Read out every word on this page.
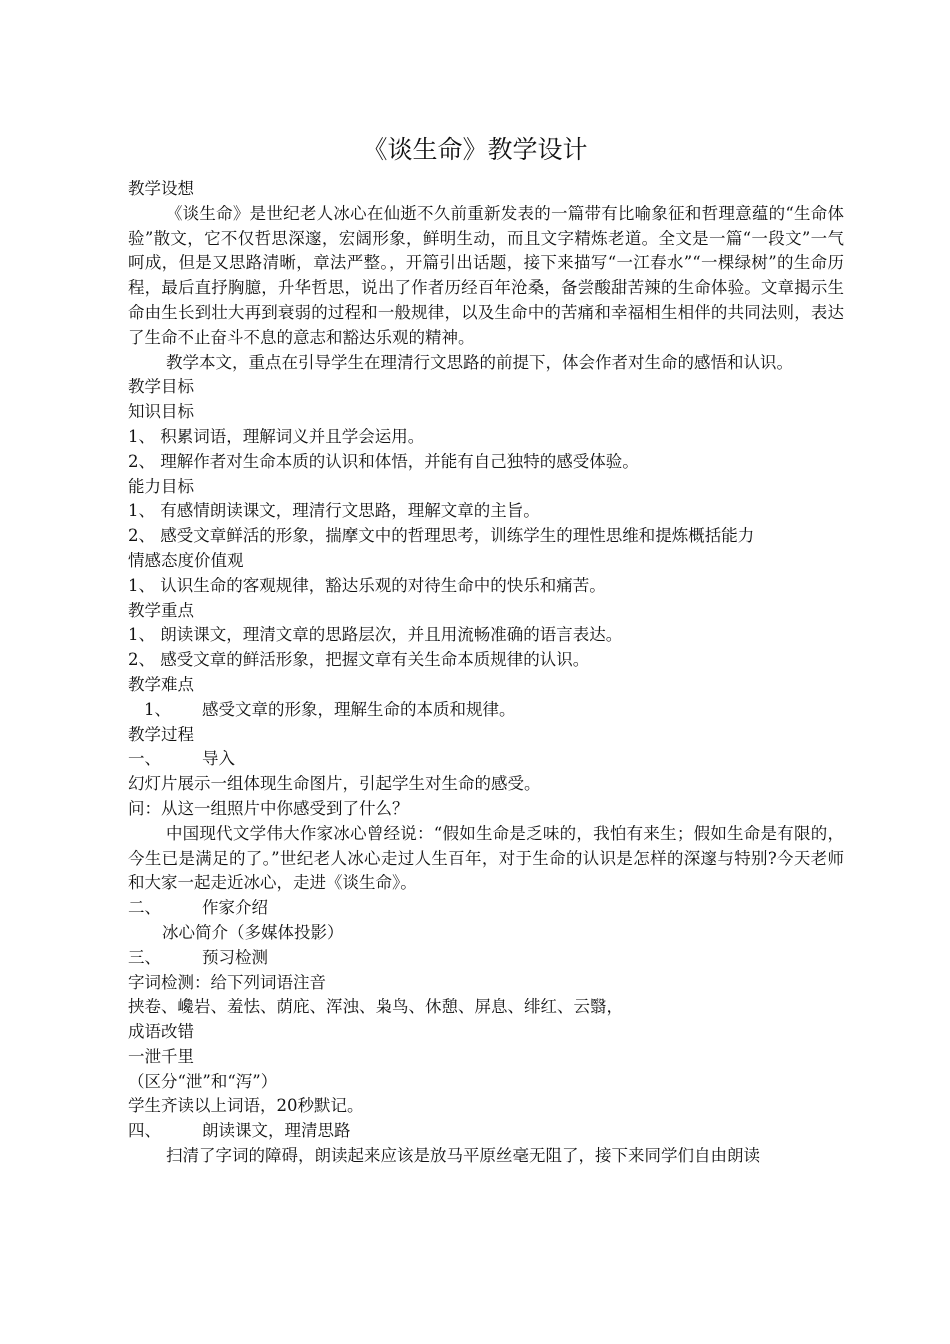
《谈生命》教学设计
教学设想
《谈生命》是世纪老人冰心在仙逝不久前重新发表的一篇带有比喻象征和哲理意蕴的“生命体验”散文，它不仅哲思深邃，宏阔形象，鲜明生动，而且文字精炼老道。全文是一篇“一段文”一气呵成，但是又思路清晰，章法严整。，开篇引出话题，接下来描写“一江春水”“一棵绿树”的生命历程，最后直抒胸臆，升华哲思，说出了作者历经百年沧桑，备尝酸甜苦辣的生命体验。文章揭示生命由生长到壮大再到衰弱的过程和一般规律，以及生命中的苦痛和幸福相生相伴的共同法则，表达了生命不止奋斗不息的意志和豁达乐观的精神。
教学本文，重点在引导学生在理清行文思路的前提下，体会作者对生命的感悟和认识。
教学目标
知识目标
1、 积累词语，理解词义并且学会运用。
2、 理解作者对生命本质的认识和体悟，并能有自己独特的感受体验。
能力目标
1、 有感情朗读课文，理清行文思路，理解文章的主旨。
2、 感受文章鲜活的形象，揣摩文中的哲理思考，训练学生的理性思维和提炼概括能力
情感态度价值观
1、 认识生命的客观规律，豁达乐观的对待生命中的快乐和痛苦。
教学重点
1、 朗读课文，理清文章的思路层次，并且用流畅准确的语言表达。
2、 感受文章的鲜活形象，把握文章有关生命本质规律的认识。
教学难点
1、 感受文章的形象，理解生命的本质和规律。
教学过程
一、 导入
幻灯片展示一组体现生命图片，引起学生对生命的感受。
问：从这一组照片中你感受到了什么？
中国现代文学伟大作家冰心曾经说：“假如生命是乏味的，我怕有来生；假如生命是有限的，今生已是满足的了。”世纪老人冰心走过人生百年，对于生命的认识是怎样的深邃与特别?今天老师和大家一起走近冰心，走进《谈生命》。
二、 作家介绍
冰心简介（多媒体投影）
三、 预习检测
字词检测：给下列词语注音
挟卷、巉岩、羞怯、荫庇、浑浊、枭鸟、休憩、屏息、绯红、云翳，
成语改错
一泄千里
（区分“泄”和“泻”）
学生齐读以上词语，20秒默记。
四、 朗读课文，理清思路
扫清了字词的障碍，朗读起来应该是放马平原丝毫无阻了，接下来同学们自由朗读
